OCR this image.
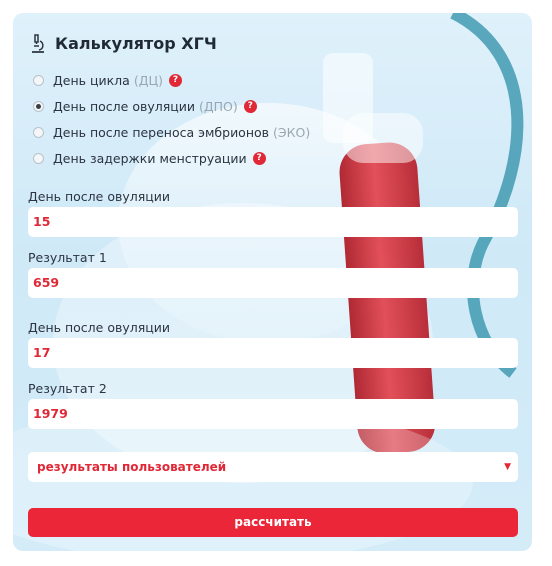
Калькулятор ХГЧ
День цикла (ДЦ)	?
День после овуляции (ДПО)	?
День после переноса эмбрионов (ЭКО)
День задержки менструации	?
День после овуляции
15
Результат 1
659
День после овуляции
17
Результат 2
1979
результаты пользователей	▼
рассчитать
